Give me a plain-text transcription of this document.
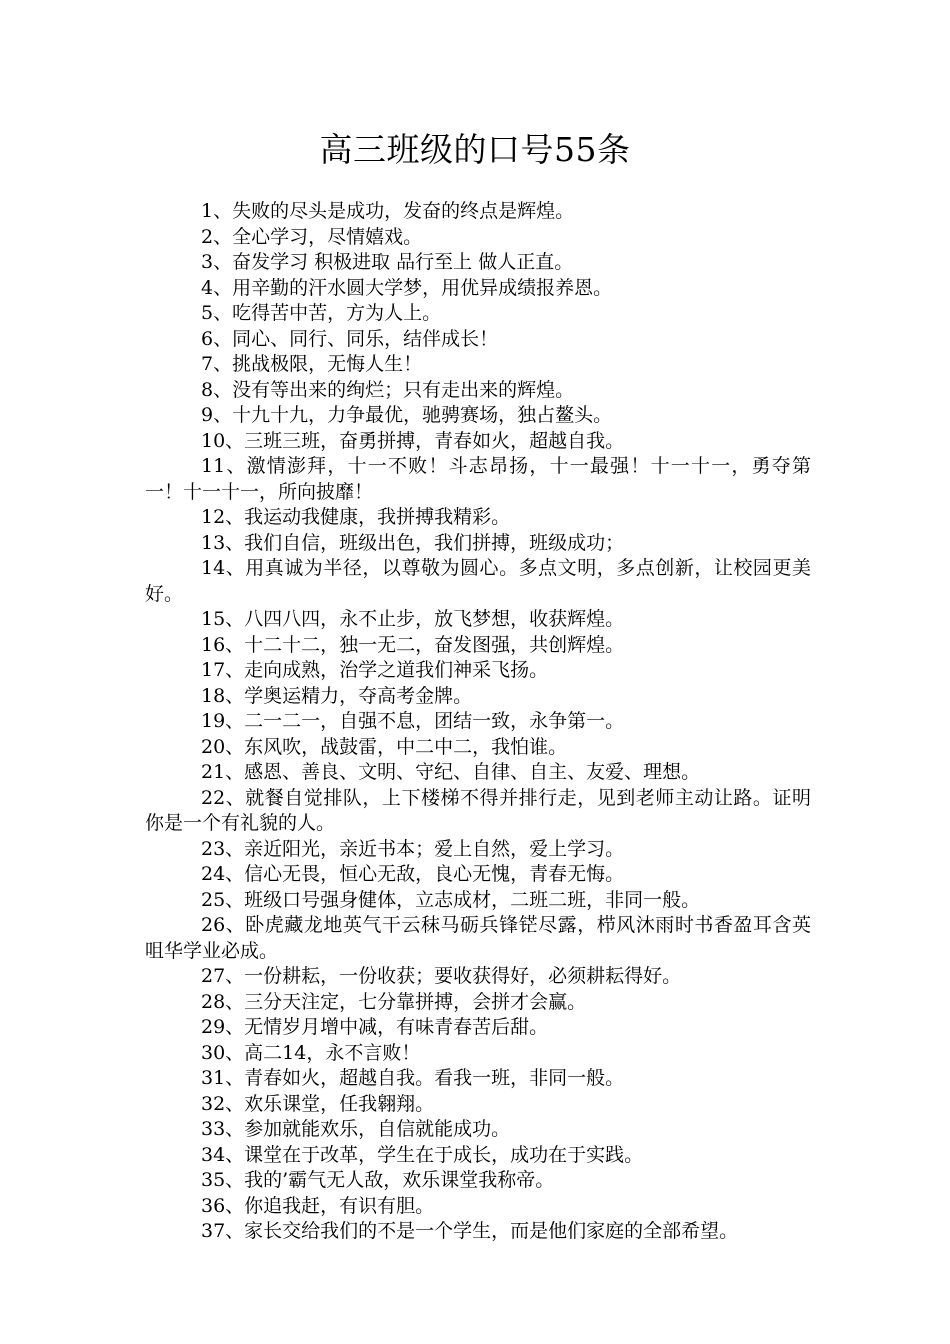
高三班级的口号55条

1、失败的尽头是成功，发奋的终点是辉煌。

2、全心学习，尽情嬉戏。

3、奋发学习 积极进取 品行至上 做人正直。

4、用辛勤的汗水圆大学梦，用优异成绩报养恩。

5、吃得苦中苦，方为人上。

6、同心、同行、同乐，结伴成长！

7、挑战极限，无悔人生！

8、没有等出来的绚烂；只有走出来的辉煌。

9、十九十九，力争最优，驰骋赛场，独占鳌头。

10、三班三班，奋勇拼搏，青春如火，超越自我。

11、激情澎拜，十一不败！斗志昂扬，十一最强！十一十一，勇夺第一！十一十一，所向披靡！

12、我运动我健康，我拼搏我精彩。

13、我们自信，班级出色，我们拼搏，班级成功；

14、用真诚为半径，以尊敬为圆心。多点文明，多点创新，让校园更美好。

15、八四八四，永不止步，放飞梦想，收获辉煌。

16、十二十二，独一无二，奋发图强，共创辉煌。

17、走向成熟，治学之道我们神采飞扬。

18、学奥运精力，夺高考金牌。

19、二一二一，自强不息，团结一致，永争第一。

20、东风吹，战鼓雷，中二中二，我怕谁。

21、感恩、善良、文明、守纪、自律、自主、友爱、理想。

22、就餐自觉排队，上下楼梯不得并排行走，见到老师主动让路。证明你是一个有礼貌的人。

23、亲近阳光，亲近书本；爱上自然，爱上学习。

24、信心无畏，恒心无敌，良心无愧，青春无悔。

25、班级口号强身健体，立志成材，二班二班，非同一般。

26、卧虎藏龙地英气干云秣马砺兵锋铓尽露，栉风沐雨时书香盈耳含英咀华学业必成。

27、一份耕耘，一份收获；要收获得好，必须耕耘得好。

28、三分天注定，七分靠拼搏，会拼才会赢。

29、无情岁月增中减，有味青春苦后甜。

30、高二14，永不言败！

31、青春如火，超越自我。看我一班，非同一般。

32、欢乐课堂，任我翱翔。

33、参加就能欢乐，自信就能成功。

34、课堂在于改革，学生在于成长，成功在于实践。

35、我的’霸气无人敌，欢乐课堂我称帝。

36、你追我赶，有识有胆。

37、家长交给我们的不是一个学生，而是他们家庭的全部希望。
